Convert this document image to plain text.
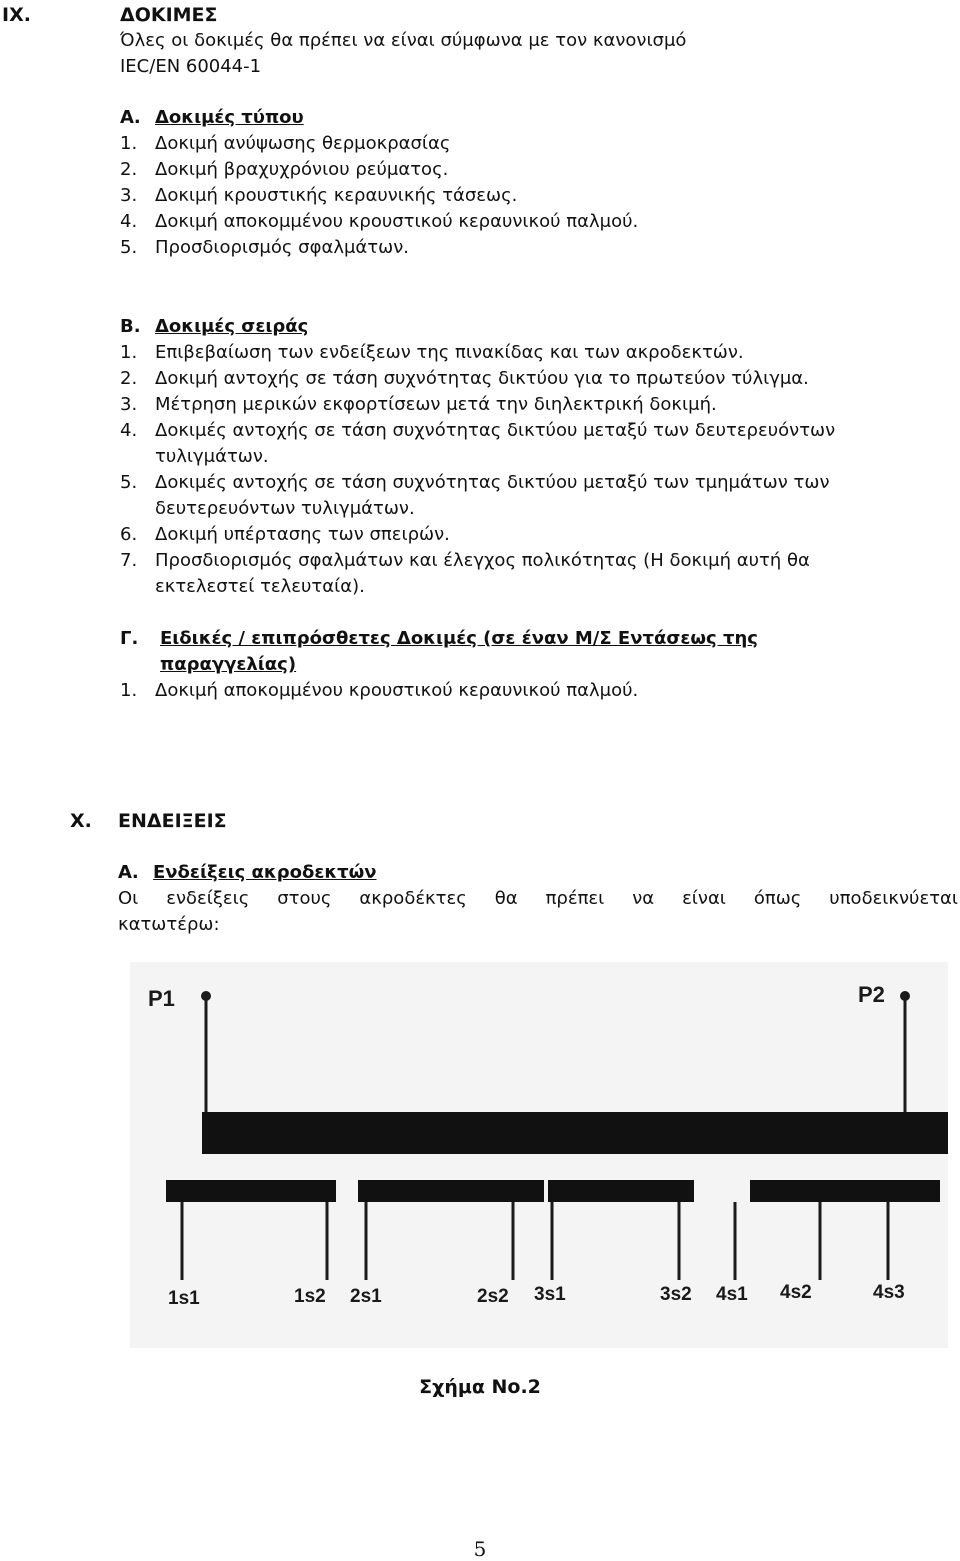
IX.	ΔΟΚΙΜΕΣ
Όλες οι δοκιμές θα πρέπει να είναι σύμφωνα με τον κανονισμό
IEC/EN 60044-1
Α. Δοκιμές τύπου
1. Δοκιμή ανύψωσης θερμοκρασίας
2. Δοκιμή βραχυχρόνιου ρεύματος.
3. Δοκιμή κρουστικής κεραυνικής τάσεως.
4. Δοκιμή αποκομμένου κρουστικού κεραυνικού παλμού.
5. Προσδιορισμός σφαλμάτων.
Β. Δοκιμές σειράς
1. Επιβεβαίωση των ενδείξεων της πινακίδας και των ακροδεκτών.
2. Δοκιμή αντοχής σε τάση συχνότητας δικτύου για το πρωτεύον τύλιγμα.
3. Μέτρηση μερικών εκφορτίσεων μετά την διηλεκτρική δοκιμή.
4. Δοκιμές αντοχής σε τάση συχνότητας δικτύου μεταξύ των δευτερευόντων
τυλιγμάτων.
5. Δοκιμές αντοχής σε τάση συχνότητας δικτύου μεταξύ των τμημάτων των
δευτερευόντων τυλιγμάτων.
6. Δοκιμή υπέρτασης των σπειρών.
7. Προσδιορισμός σφαλμάτων και έλεγχος πολικότητας (Η δοκιμή αυτή θα
εκτελεστεί τελευταία).
Γ. Ειδικές / επιπρόσθετες Δοκιμές (σε έναν Μ/Σ Εντάσεως της
παραγγελίας)
1. Δοκιμή αποκομμένου κρουστικού κεραυνικού παλμού.
X. ΕΝΔΕΙΞΕΙΣ
Α. Ενδείξεις ακροδεκτών
Οι ενδείξεις στους ακροδέκτες θα πρέπει να είναι όπως υποδεικνύεται
κατωτέρω:
P1	P2
1s1	1s2 2s1	2s2 3s1	3s2 4s1 4s2	4s3
Σχήμα No.2
5
